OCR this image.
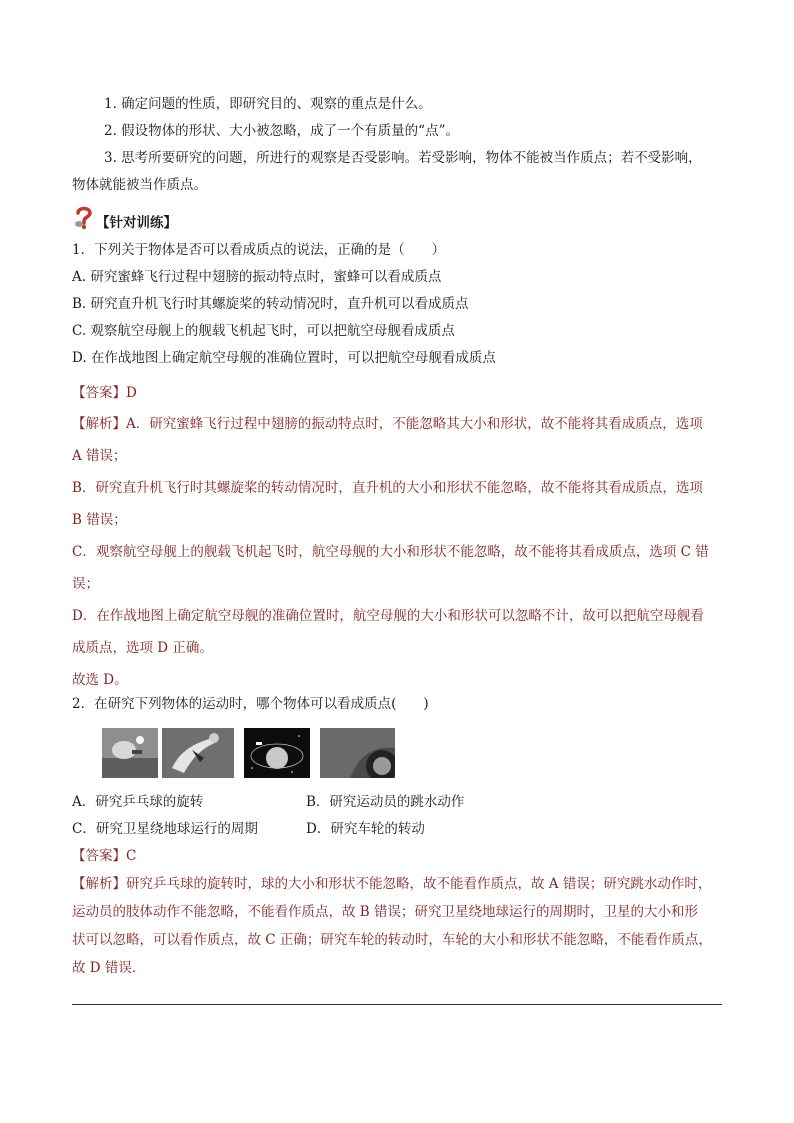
1. 确定问题的性质，即研究目的、观察的重点是什么。
2. 假设物体的形状、大小被忽略，成了一个有质量的“点”。
3. 思考所要研究的问题，所进行的观察是否受影响。若受影响，物体不能被当作质点；若不受影响，
物体就能被当作质点。
【针对训练】
1．下列关于物体是否可以看成质点的说法，正确的是（　　）
A. 研究蜜蜂飞行过程中翅膀的振动特点时，蜜蜂可以看成质点
B. 研究直升机飞行时其螺旋桨的转动情况时，直升机可以看成质点
C. 观察航空母舰上的舰载飞机起飞时，可以把航空母舰看成质点
D. 在作战地图上确定航空母舰的准确位置时，可以把航空母舰看成质点
【答案】D
【解析】A．研究蜜蜂飞行过程中翅膀的振动特点时，不能忽略其大小和形状，故不能将其看成质点，选项
A 错误；
B．研究直升机飞行时其螺旋桨的转动情况时，直升机的大小和形状不能忽略，故不能将其看成质点，选项
B 错误；
C．观察航空母舰上的舰载飞机起飞时，航空母舰的大小和形状不能忽略，故不能将其看成质点，选项 C 错
误；
D．在作战地图上确定航空母舰的准确位置时，航空母舰的大小和形状可以忽略不计，故可以把航空母舰看
成质点，选项 D 正确。
故选 D。
2．在研究下列物体的运动时，哪个物体可以看成质点(　　)
A．研究乒乓球的旋转	B．研究运动员的跳水动作
C．研究卫星绕地球运行的周期	D．研究车轮的转动
【答案】C
【解析】研究乒乓球的旋转时，球的大小和形状不能忽略，故不能看作质点，故 A 错误；研究跳水动作时，
运动员的肢体动作不能忽略，不能看作质点，故 B 错误；研究卫星绕地球运行的周期时，卫星的大小和形
状可以忽略，可以看作质点，故 C 正确；研究车轮的转动时，车轮的大小和形状不能忽略，不能看作质点，
故 D 错误．
